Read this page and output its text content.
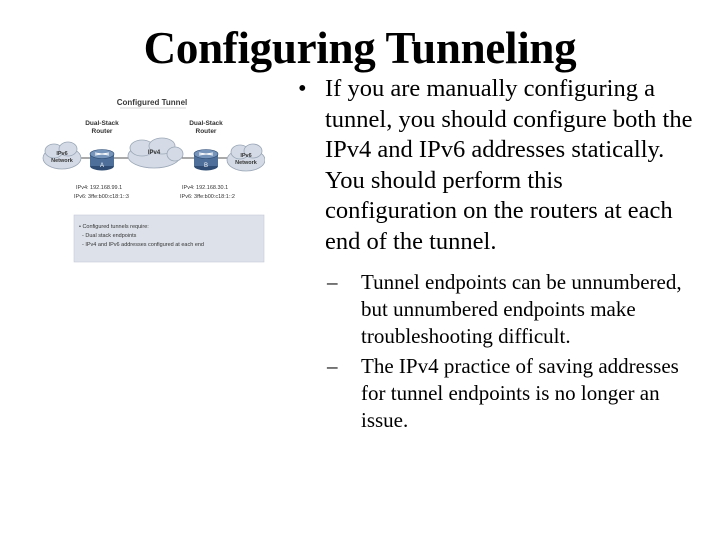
Configuring Tunneling
Configured Tunnel
Dual-Stack
Router
Dual-Stack
Router
IPv6
Network
IPv4	IPv6
Network
A	B
IPv4: 192.168.99.1
IPv6: 3ffe:b00:c18:1::3
IPv4: 192.168.30.1
IPv6: 3ffe:b00:c18:1::2
• Configured tunnels require:
- Dual stack endpoints
- IPv4 and IPv6 addresses configured at each end
• If you are manually configuring a tunnel, you should configure both the IPv4 and IPv6 addresses statically. You should perform this configuration on the routers at each end of the tunnel.
– Tunnel endpoints can be unnumbered, but unnumbered endpoints make troubleshooting difficult.
– The IPv4 practice of saving addresses for tunnel endpoints is no longer an issue.
